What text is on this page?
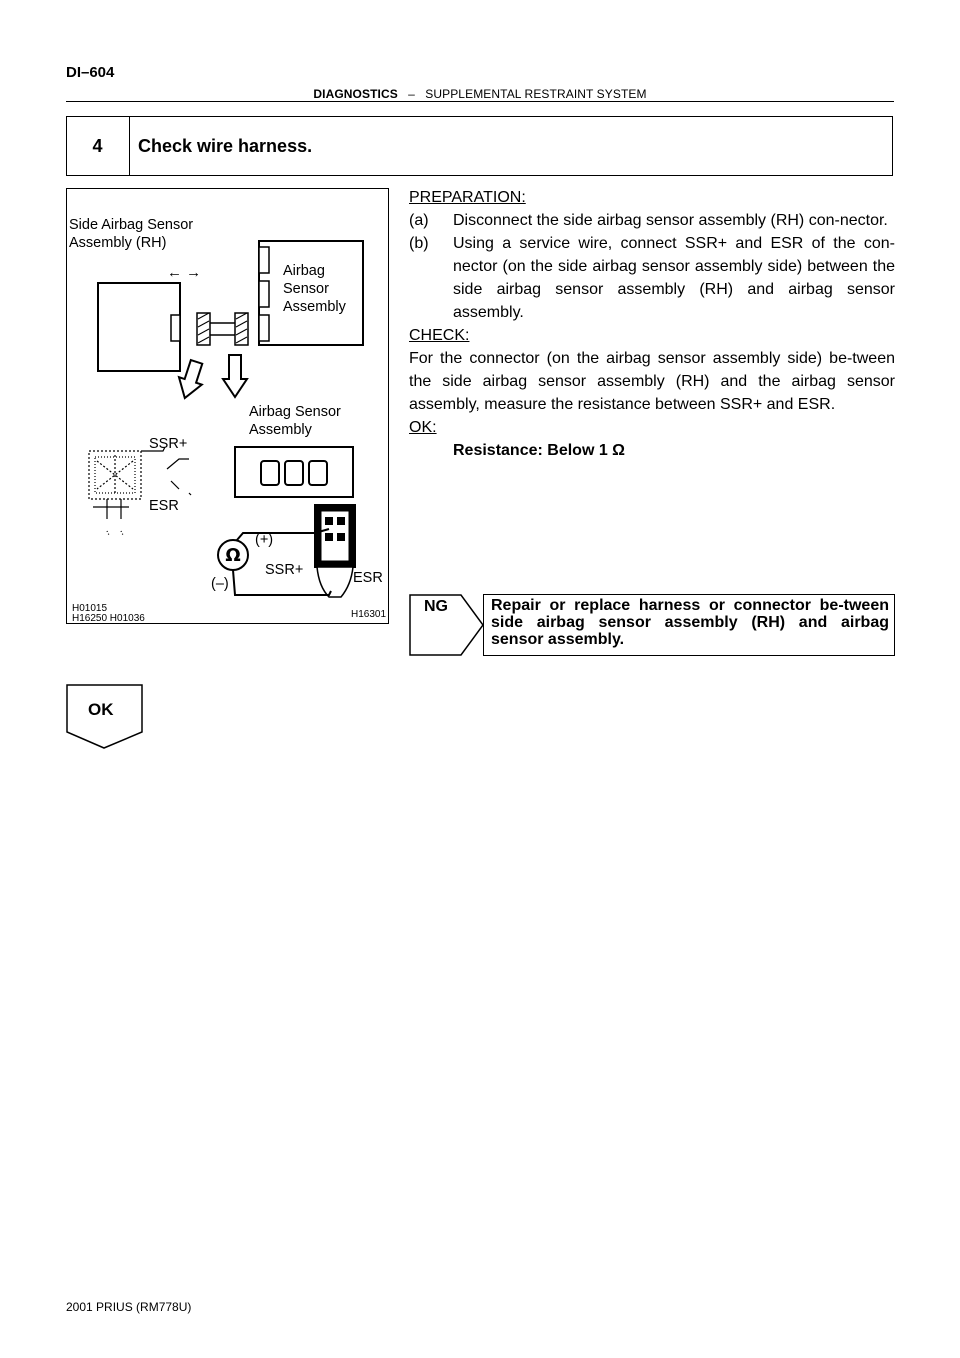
DI–604
DIAGNOSTICS – SUPPLEMENTAL RESTRAINT SYSTEM
4	Check wire harness.
Ω
Side Airbag Sensor
Assembly (RH)
Airbag
Sensor
Assembly
← →
Airbag Sensor
Assembly
SSR+
ESR
(+)
SSR+
(–)	ESR
H01015
H16250 H01036	H16301
PREPARATION:
(a) Disconnect the side airbag sensor assembly (RH) con-nector.
(b) Using a service wire, connect SSR+ and ESR of the con-nector (on the side airbag sensor assembly side) between the side airbag sensor assembly (RH) and airbag sensor assembly.
CHECK:
For the connector (on the airbag sensor assembly side) be-tween the side airbag sensor assembly (RH) and the airbag sensor assembly, measure the resistance between SSR+ and ESR.
OK:
Resistance: Below 1 Ω
NG	Repair or replace harness or connector be-tween side airbag sensor assembly (RH) and airbag sensor assembly.
OK
2001 PRIUS (RM778U)
